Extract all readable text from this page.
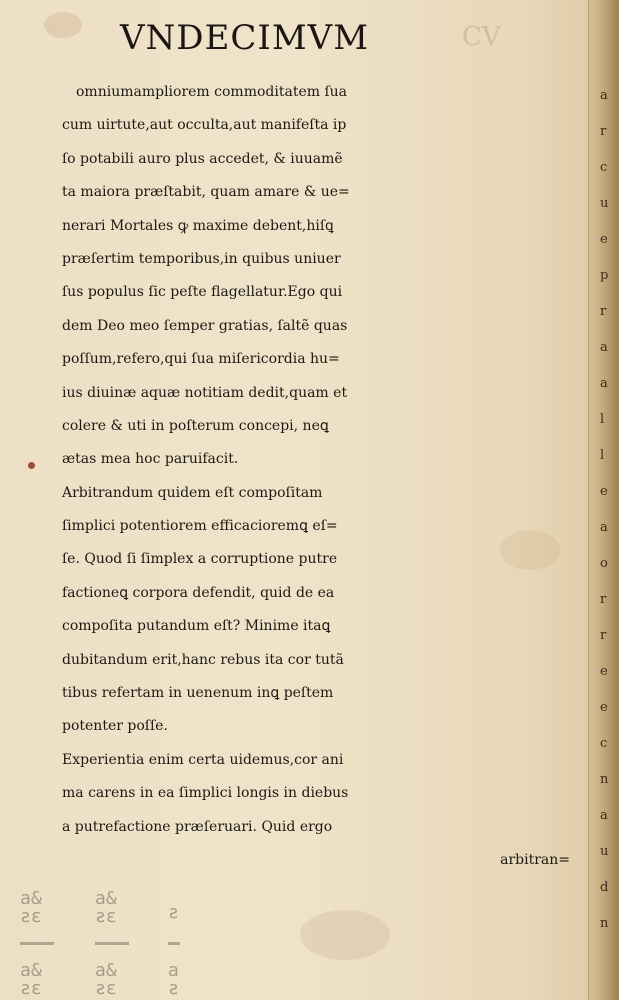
VNDECIMVM	CV
omniumampliorem commoditatem ſua
cum uirtute,aut occulta,aut manifeſta ip
ſo potabili auro plus accedet, & iuuamẽ
ta maiora præſtabit, quam amare & ue=
nerari Mortales ꝙ maxime debent,hiſꝗ
præſertim temporibus,in quibus uniuer
ſus populus ſic peſte flagellatur.Ego qui
dem Deo meo ſemper gratias, ſaltẽ quas
poſſum,refero,qui ſua miſericordia hu=
ius diuinæ aquæ notitiam dedit,quam et
colere & uti in poſterum concepi, neꝗ
ætas mea hoc paruifacit.
Arbitrandum quidem eſt compoſitam
ſimplici potentiorem efficacioremꝗ eſ=
ſe. Quod ſi ſimplex a corruptione putre
factioneꝗ corpora defendit, quid de ea
compoſita putandum eſt? Minime itaꝗ
dubitandum erit,hanc rebus ita cor tutã
tibus refertam in uenenum inꝗ peſtem
potenter poſſe.
Experientia enim certa uidemus,cor ani
ma carens in ea ſimplici longis in diebus
a putrefactione præſeruari. Quid ergo
arbitran=
a&
ƨɛ
a&
ƨɛ	ƨ
a&
ƨɛ
a&
ƨɛ
a
ƨ
a
r
c
u
e
p
r
a
a
l
l
e
a
o
r
r
e
e
c
n
a
u
d
n
